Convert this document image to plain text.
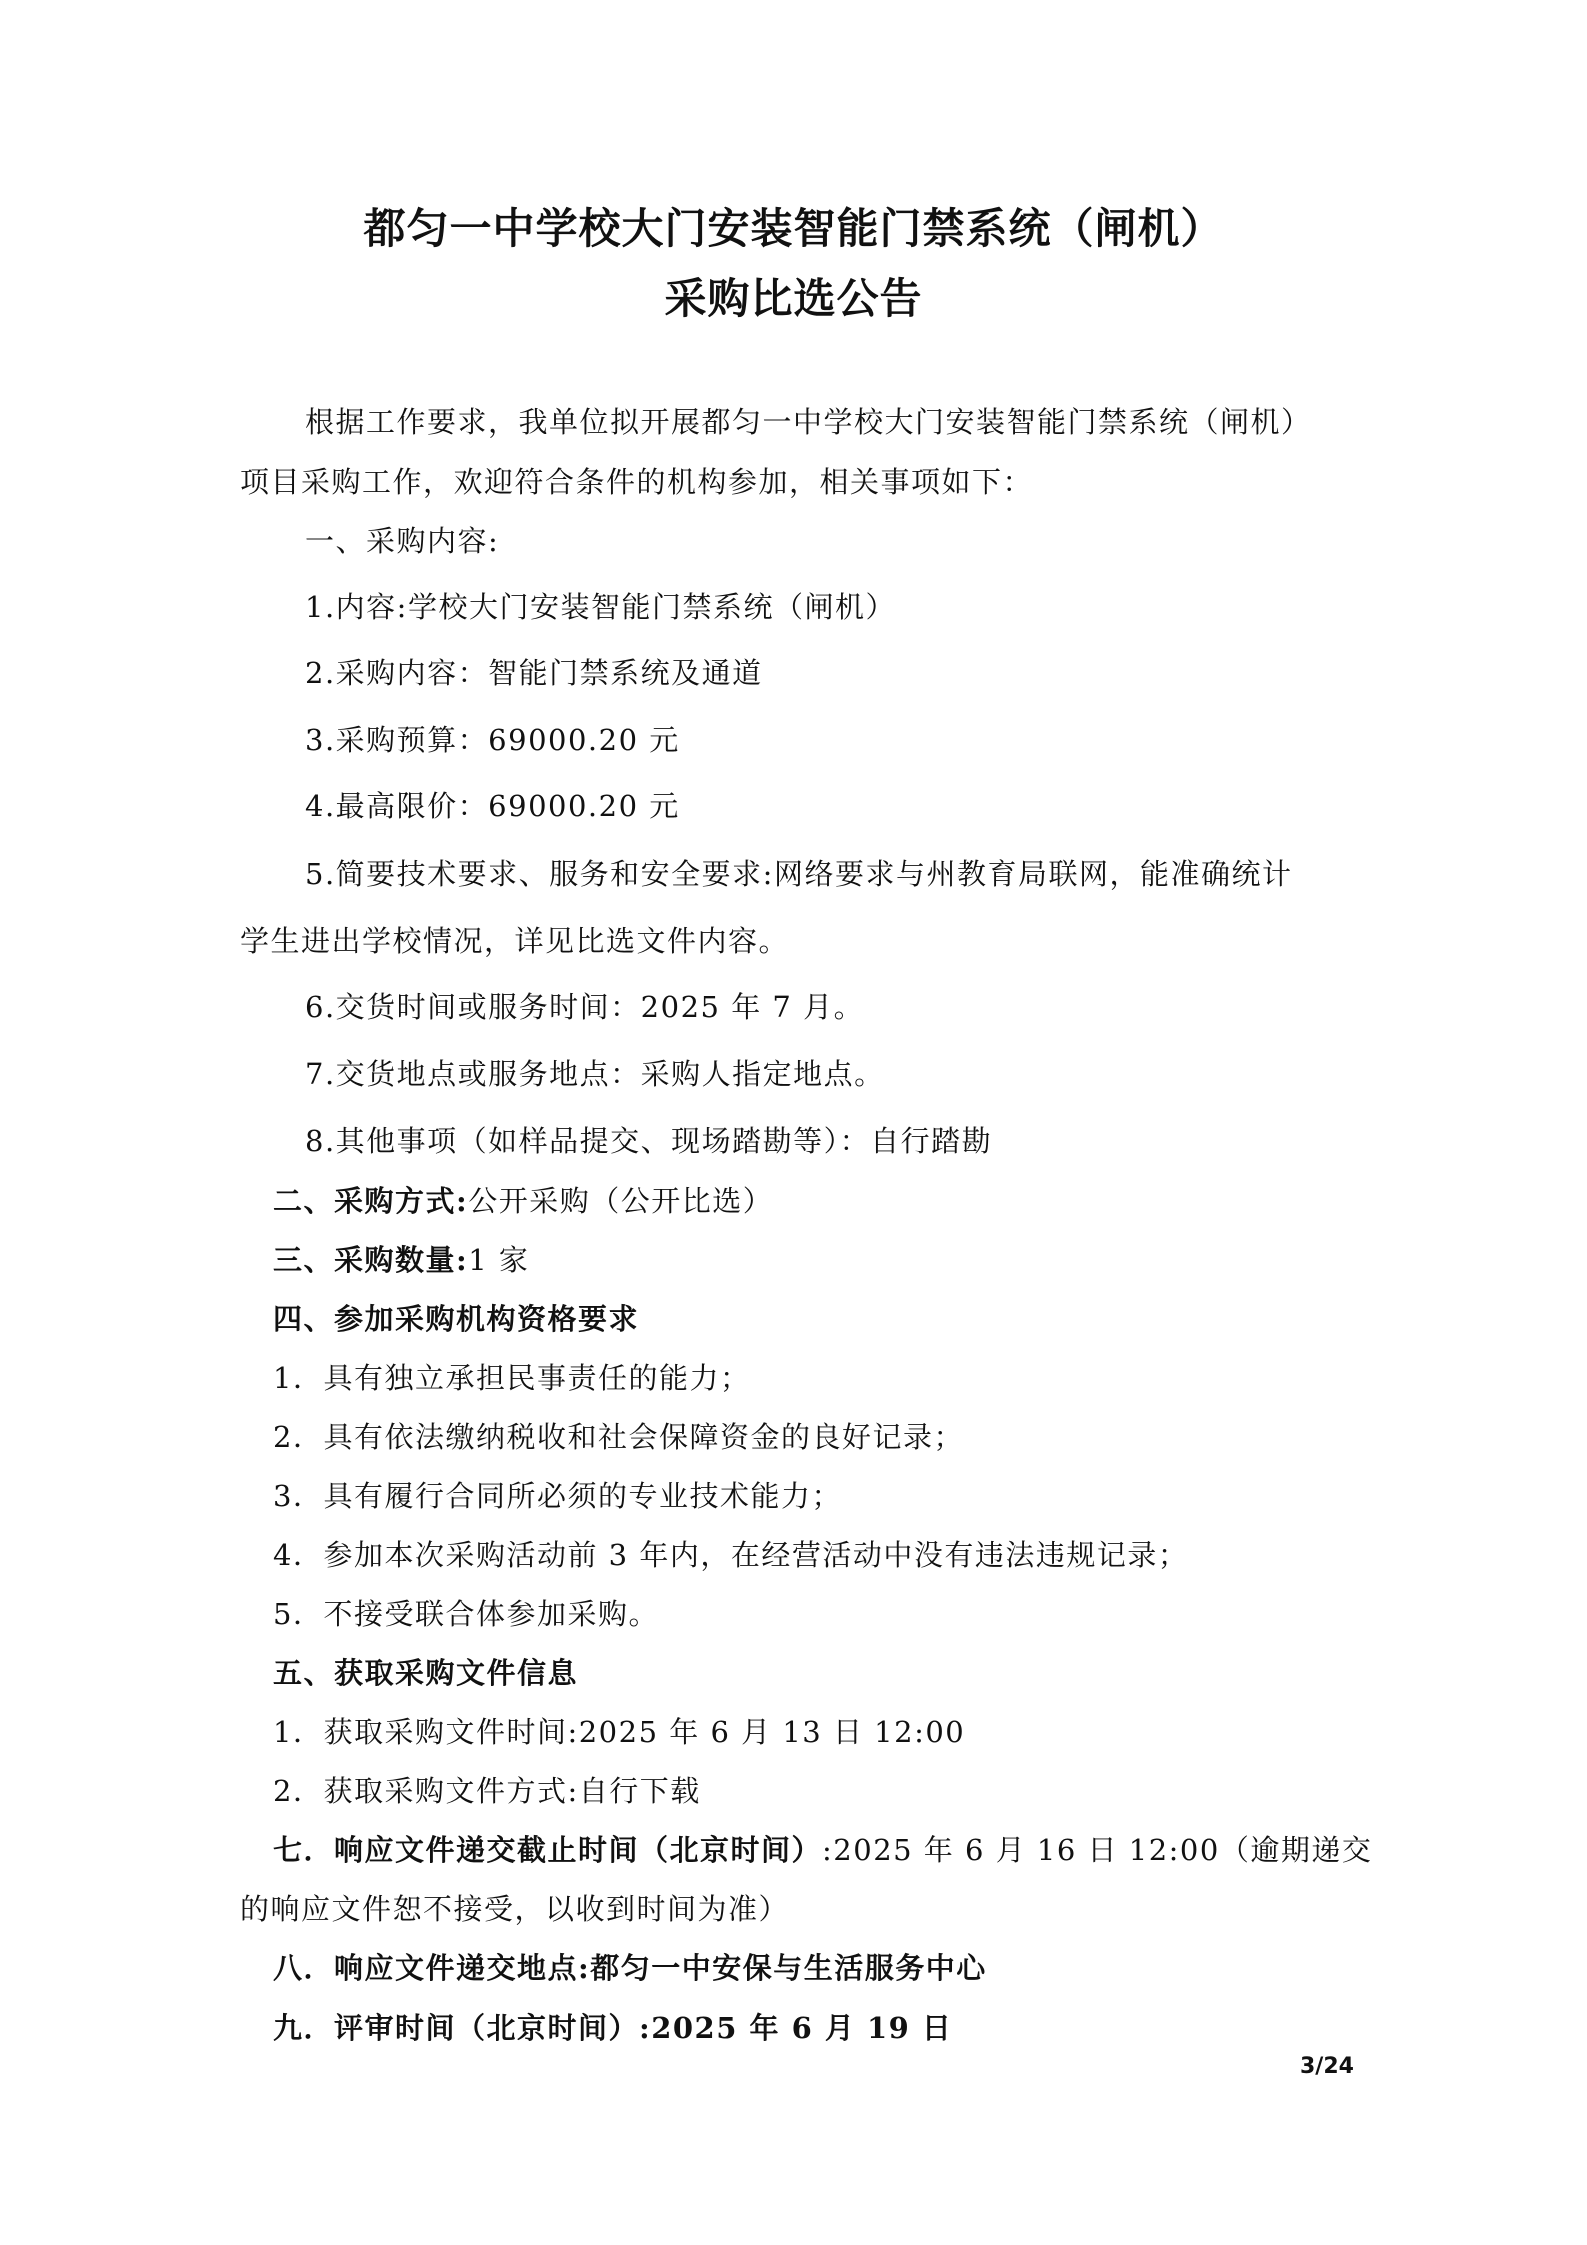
都匀一中学校大门安装智能门禁系统（闸机）
采购比选公告
根据工作要求，我单位拟开展都匀一中学校大门安装智能门禁系统（闸机）
项目采购工作，欢迎符合条件的机构参加，相关事项如下：
一、采购内容:
1.内容:学校大门安装智能门禁系统（闸机）
2.采购内容：智能门禁系统及通道
3.采购预算：69000.20 元
4.最高限价：69000.20 元
5.简要技术要求、服务和安全要求:网络要求与州教育局联网，能准确统计
学生进出学校情况，详见比选文件内容。
6.交货时间或服务时间：2025 年 7 月。
7.交货地点或服务地点：采购人指定地点。
8.其他事项（如样品提交、现场踏勘等）：自行踏勘
二、采购方式:公开采购（公开比选）
三、采购数量:1 家
四、参加采购机构资格要求
1．具有独立承担民事责任的能力；
2．具有依法缴纳税收和社会保障资金的良好记录；
3．具有履行合同所必须的专业技术能力；
4．参加本次采购活动前 3 年内，在经营活动中没有违法违规记录；
5．不接受联合体参加采购。
五、获取采购文件信息
1．获取采购文件时间:2025 年 6 月 13 日 12:00
2．获取采购文件方式:自行下载
七．响应文件递交截止时间（北京时间）:2025 年 6 月 16 日 12:00（逾期递交
的响应文件恕不接受，以收到时间为准）
八．响应文件递交地点:都匀一中安保与生活服务中心
九．评审时间（北京时间）:2025 年 6 月 19 日
3/24
